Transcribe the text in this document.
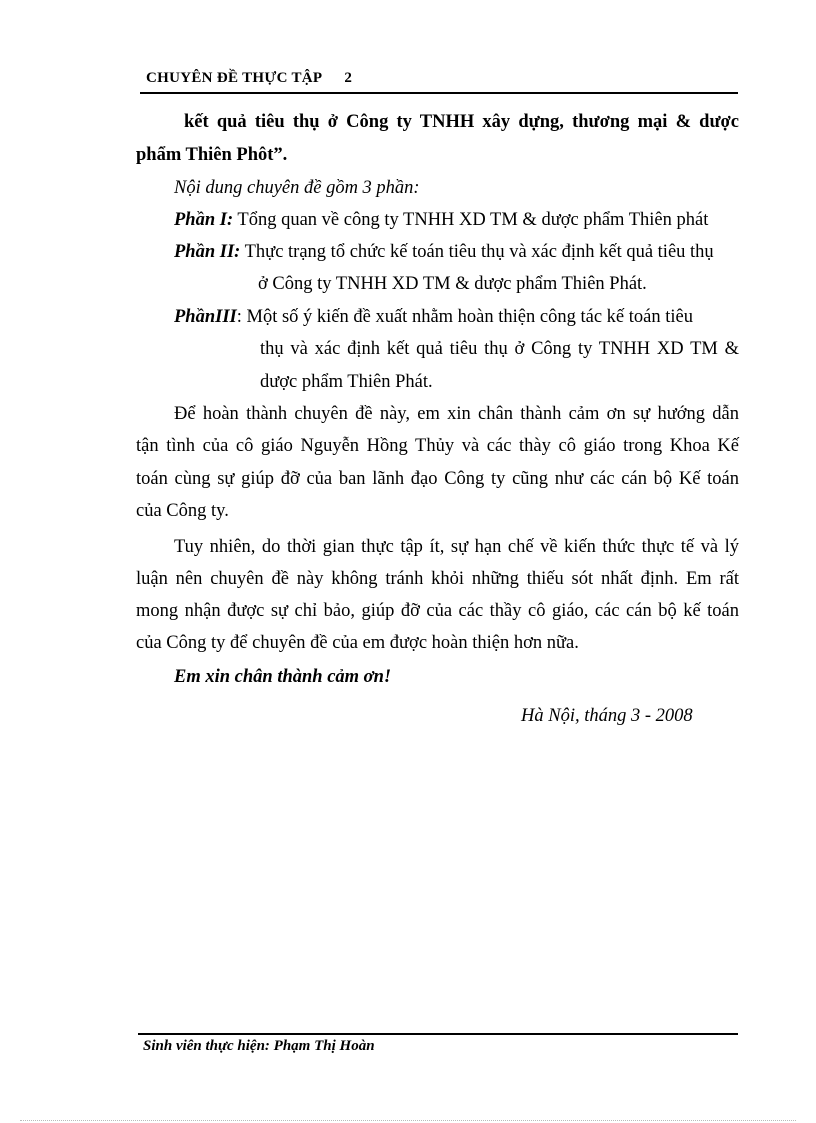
CHUYÊN ĐỀ THỰC TẬP 2
kết quả tiêu thụ ở Công ty TNHH xây dựng, thương mại & dược
phẩm Thiên Phôt”.
Nội dung chuyên đề gồm 3 phần:
Phần I: Tổng quan về công ty TNHH XD TM & dược phẩm Thiên phát
Phần II: Thực trạng tổ chức kế toán tiêu thụ và xác định kết quả tiêu thụ
ở Công ty TNHH XD TM & dược phẩm Thiên Phát.
PhầnIII: Một số ý kiến đề xuất nhằm hoàn thiện công tác kế toán tiêu
thụ và xác định kết quả tiêu thụ ở Công ty TNHH XD TM &
dược phẩm Thiên Phát.
Để hoàn thành chuyên đề này, em xin chân thành cảm ơn sự hướng dẫn
tận tình của cô giáo Nguyễn Hồng Thủy và các thày cô giáo trong Khoa Kế
toán cùng sự giúp đỡ của ban lãnh đạo Công ty cũng như các cán bộ Kế toán
của Công ty.
Tuy nhiên, do thời gian thực tập ít, sự hạn chế về kiến thức thực tế và lý
luận nên chuyên đề này không tránh khỏi những thiếu sót nhất định. Em rất
mong nhận được sự chỉ bảo, giúp đỡ của các thầy cô giáo, các cán bộ kế toán
của Công ty để chuyên đề của em được hoàn thiện hơn nữa.
Em xin chân thành cảm ơn!
Hà Nội, tháng 3 - 2008
Sinh viên thực hiện: Phạm Thị Hoàn
